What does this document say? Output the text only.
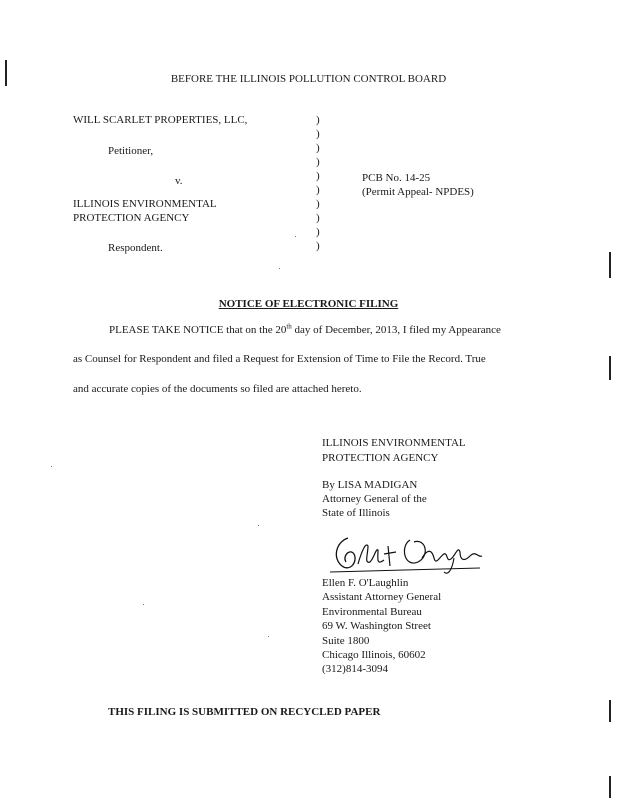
BEFORE THE ILLINOIS POLLUTION CONTROL BOARD
WILL SCARLET PROPERTIES, LLC,
Petitioner,
v.
ILLINOIS ENVIRONMENTAL
PROTECTION AGENCY
Respondent.
)
)
)
)
)
)
)
)
)
)
PCB No. 14-25
(Permit Appeal- NPDES)
NOTICE OF ELECTRONIC FILING
PLEASE TAKE NOTICE that on the 20th day of December, 2013, I filed my Appearance
as Counsel for Respondent and filed a Request for Extension of Time to File the Record. True
and accurate copies of the documents so filed are attached hereto.
ILLINOIS ENVIRONMENTAL
PROTECTION AGENCY
By LISA MADIGAN
Attorney General of the
State of Illinois
Ellen F. O'Laughlin
Assistant Attorney General
Environmental Bureau
69 W. Washington Street
Suite 1800
Chicago Illinois, 60602
(312)814-3094
THIS FILING IS SUBMITTED ON RECYCLED PAPER
